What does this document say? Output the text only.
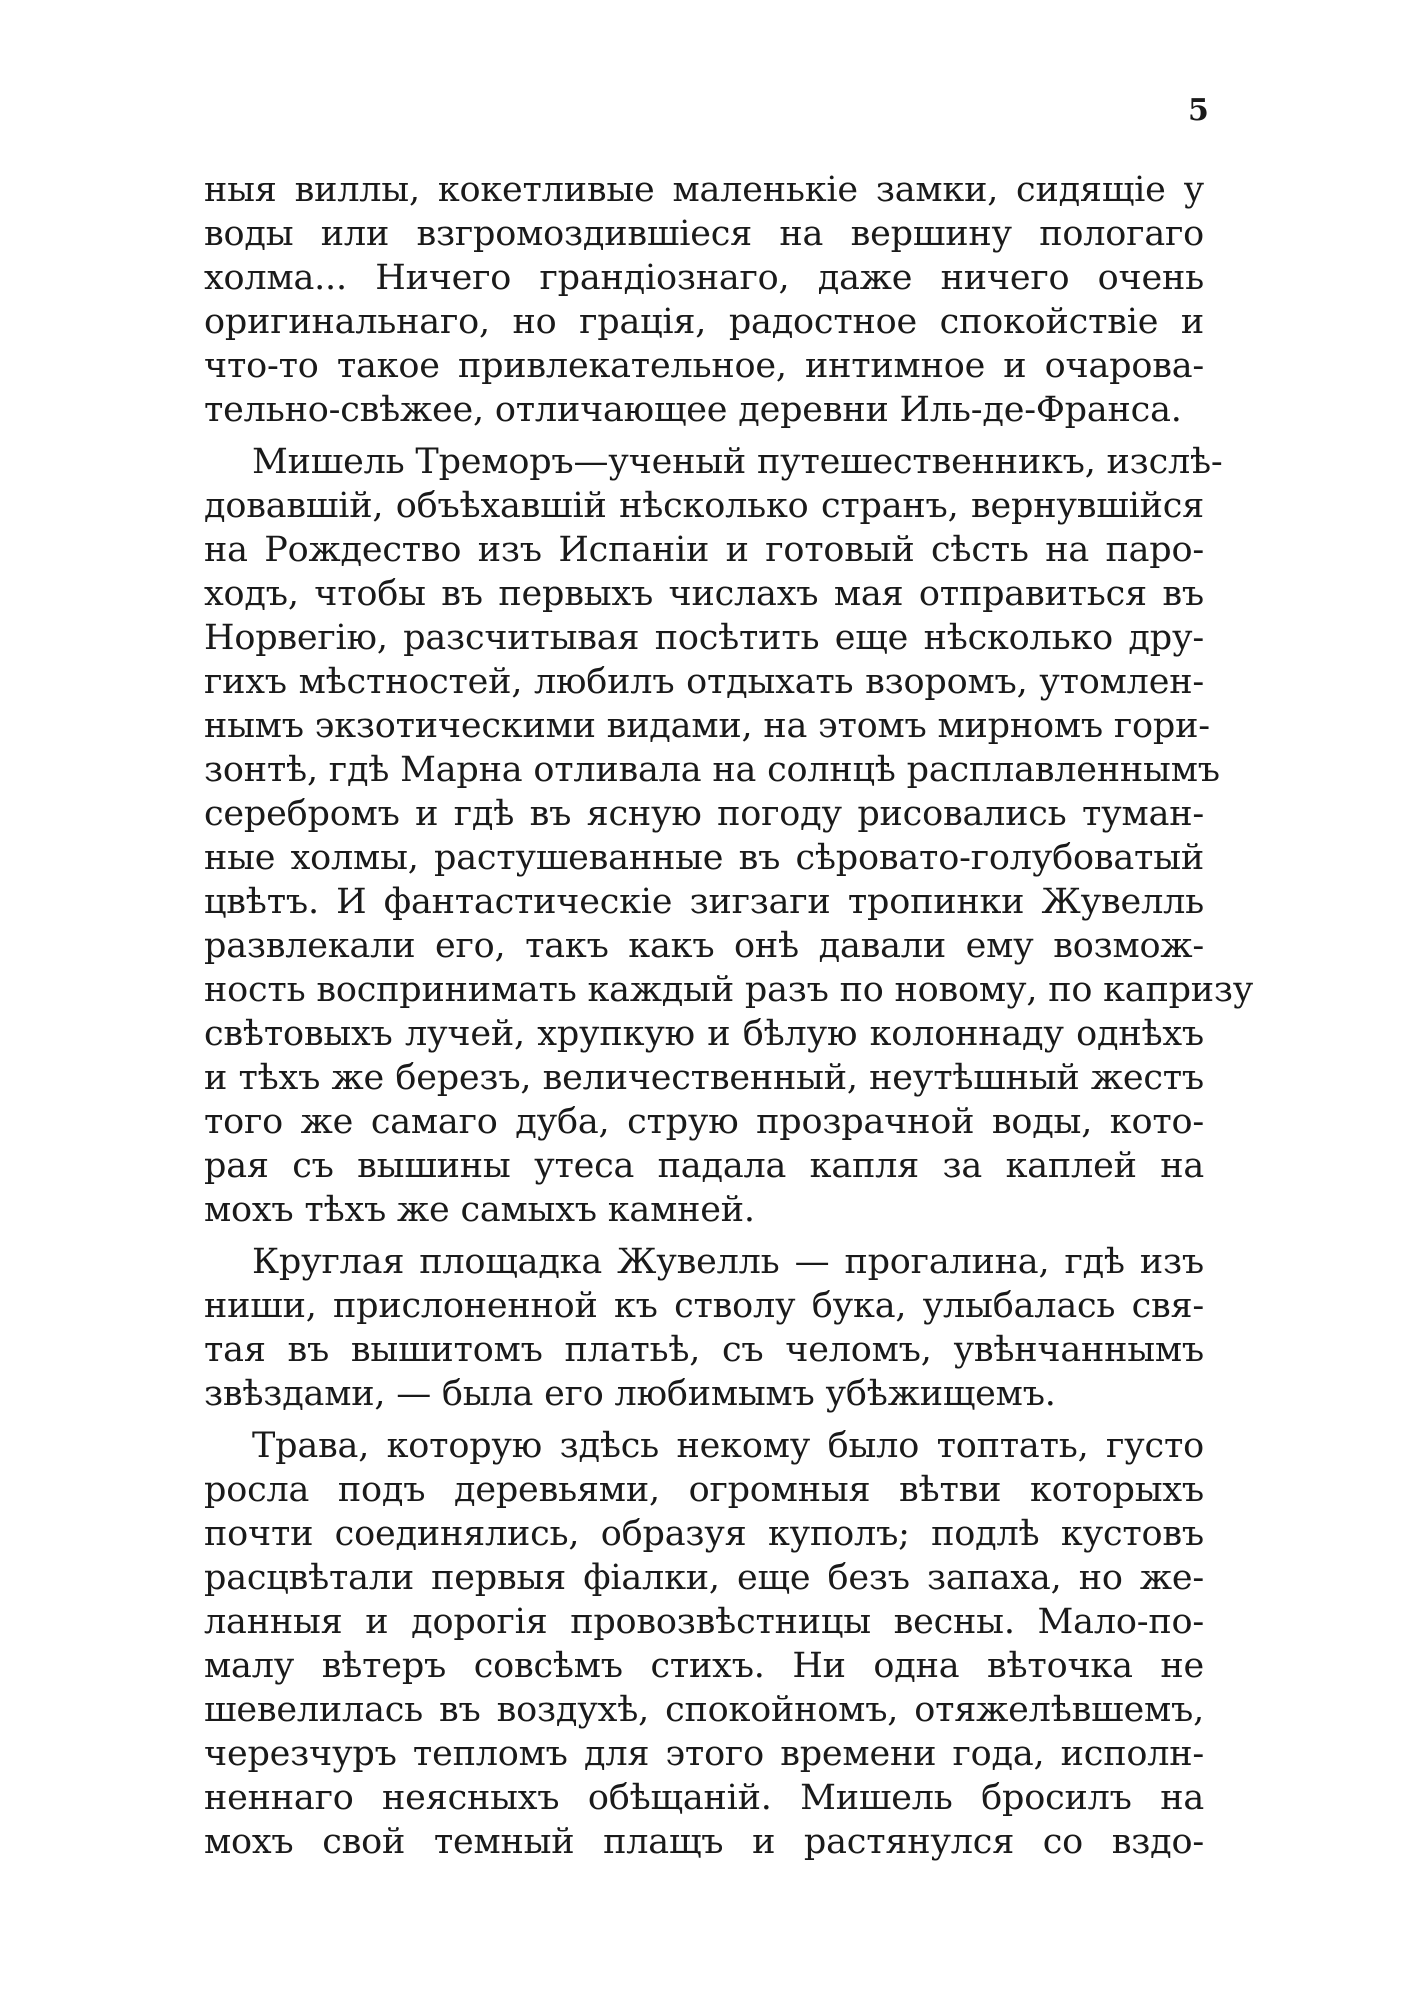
5
ныя виллы, кокетливые маленькіе замки, сидящіе у
воды или взгромоздившіеся на вершину пологаго
холма... Ничего грандіознаго, даже ничего очень
оригинальнаго, но грація, радостное спокойствіе и
что-то такое привлекательное, интимное и очарова-
тельно-свѣжее, отличающее деревни Иль-де-Франса.
Мишель Треморъ—ученый путешественникъ, изслѣ-
довавшій, объѣхавшій нѣсколько странъ, вернувшійся
на Рождество изъ Испаніи и готовый сѣсть на паро-
ходъ, чтобы въ первыхъ числахъ мая отправиться въ
Норвегію, разсчитывая посѣтить еще нѣсколько дру-
гихъ мѣстностей, любилъ отдыхать взоромъ, утомлен-
нымъ экзотическими видами, на этомъ мирномъ гори-
зонтѣ, гдѣ Марна отливала на солнцѣ расплавленнымъ
серебромъ и гдѣ въ ясную погоду рисовались туман-
ные холмы, растушеванные въ сѣровато-голубоватый
цвѣтъ. И фантастическіе зигзаги тропинки Жувелль
развлекали его, такъ какъ онѣ давали ему возмож-
ность воспринимать каждый разъ по новому, по капризу
свѣтовыхъ лучей, хрупкую и бѣлую колоннаду однѣхъ
и тѣхъ же березъ, величественный, неутѣшный жестъ
того же самаго дуба, струю прозрачной воды, кото-
рая съ вышины утеса падала капля за каплей на
мохъ тѣхъ же самыхъ камней.
Круглая площадка Жувелль — прогалина, гдѣ изъ
ниши, прислоненной къ стволу бука, улыбалась свя-
тая въ вышитомъ платьѣ, съ челомъ, увѣнчаннымъ
звѣздами, — была его любимымъ убѣжищемъ.
Трава, которую здѣсь некому было топтать, густо
росла подъ деревьями, огромныя вѣтви которыхъ
почти соединялись, образуя куполъ; подлѣ кустовъ
расцвѣтали первыя фіалки, еще безъ запаха, но же-
ланныя и дорогія провозвѣстницы весны. Мало-по-
малу вѣтеръ совсѣмъ стихъ. Ни одна вѣточка не
шевелилась въ воздухѣ, спокойномъ, отяжелѣвшемъ,
черезчуръ тепломъ для этого времени года, исполн-
неннаго неясныхъ обѣщаній. Мишель бросилъ на
мохъ свой темный плащъ и растянулся со вздо-
